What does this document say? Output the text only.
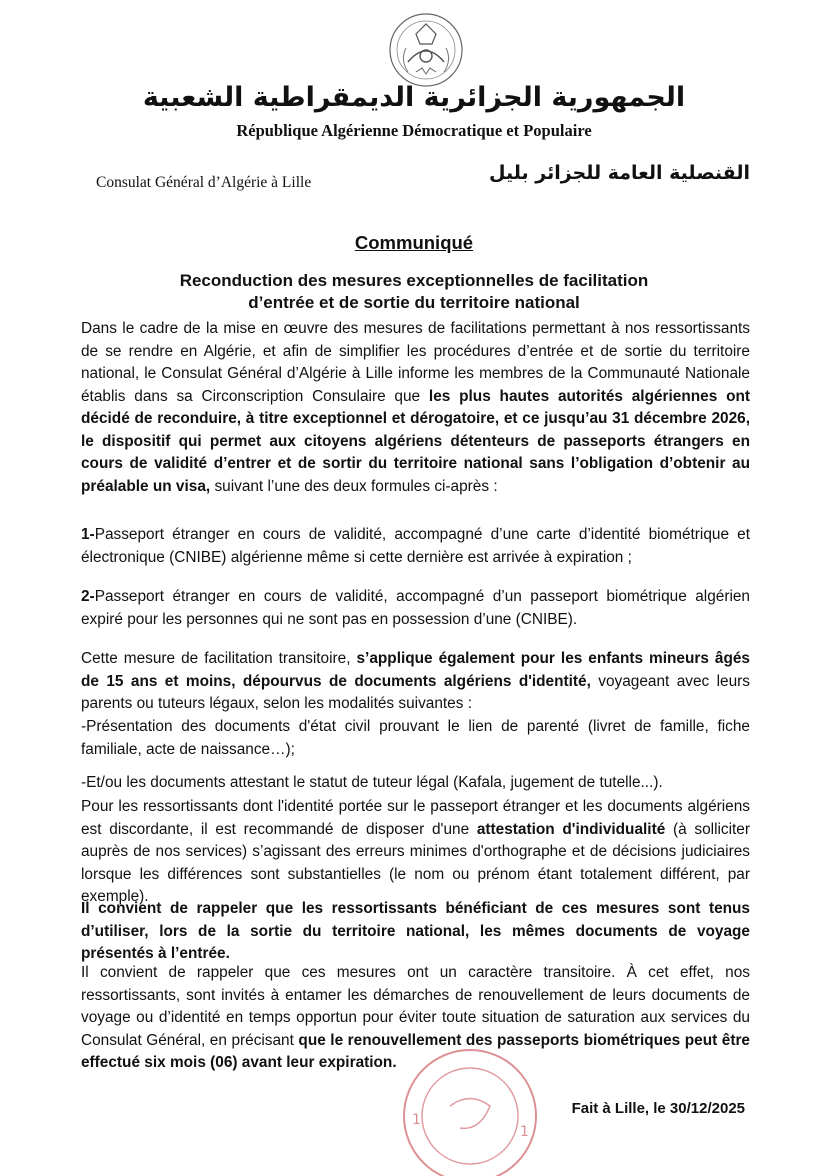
الجمهورية الجزائرية الديمقراطية الشعبية
République Algérienne Démocratique et Populaire
Consulat Général d’Algérie à Lille	القنصلية العامة للجزائر بليل
Communiqué
Reconduction des mesures exceptionnelles de facilitation
d’entrée et de sortie du territoire national

Dans le cadre de la mise en œuvre des mesures de facilitations permettant à nos ressortissants de se rendre en Algérie, et afin de simplifier les procédures d’entrée et de sortie du territoire national, le Consulat Général d’Algérie à Lille informe les membres de la Communauté Nationale établis dans sa Circonscription Consulaire que les plus hautes autorités algériennes ont décidé de reconduire, à titre exceptionnel et dérogatoire, et ce jusqu’au 31 décembre 2026, le dispositif qui permet aux citoyens algériens détenteurs de passeports étrangers en cours de validité d’entrer et de sortir du territoire national sans l’obligation d’obtenir au préalable un visa, suivant l’une des deux formules ci-après :

1-Passeport étranger en cours de validité, accompagné d’une carte d’identité biométrique et électronique (CNIBE) algérienne même si cette dernière est arrivée à expiration ;

2-Passeport étranger en cours de validité, accompagné d’un passeport biométrique algérien expiré pour les personnes qui ne sont pas en possession d’une (CNIBE).

Cette mesure de facilitation transitoire, s’applique également pour les enfants mineurs âgés de 15 ans et moins, dépourvus de documents algériens d'identité, voyageant avec leurs parents ou tuteurs légaux, selon les modalités suivantes :

-Présentation des documents d'état civil prouvant le lien de parenté (livret de famille, fiche familiale, acte de naissance…);

-Et/ou les documents attestant le statut de tuteur légal (Kafala, jugement de tutelle...).

Pour les ressortissants dont l'identité portée sur le passeport étranger et les documents algériens est discordante, il est recommandé de disposer d'une attestation d'individualité (à solliciter auprès de nos services) s’agissant des erreurs minimes d'orthographe et de décisions judiciaires lorsque les différences sont substantielles (le nom ou prénom étant totalement différent, par exemple).

Il convient de rappeler que les ressortissants bénéficiant de ces mesures sont tenus d’utiliser, lors de la sortie du territoire national, les mêmes documents de voyage présentés à l’entrée.

Il convient de rappeler que ces mesures ont un caractère transitoire. À cet effet, nos ressortissants, sont invités à entamer les démarches de renouvellement de leurs documents de voyage ou d’identité en temps opportun pour éviter toute situation de saturation aux services du Consulat Général, en précisant que le renouvellement des passeports biométriques peut être effectué six mois (06) avant leur expiration.

1
1
Fait à Lille, le 30/12/2025
